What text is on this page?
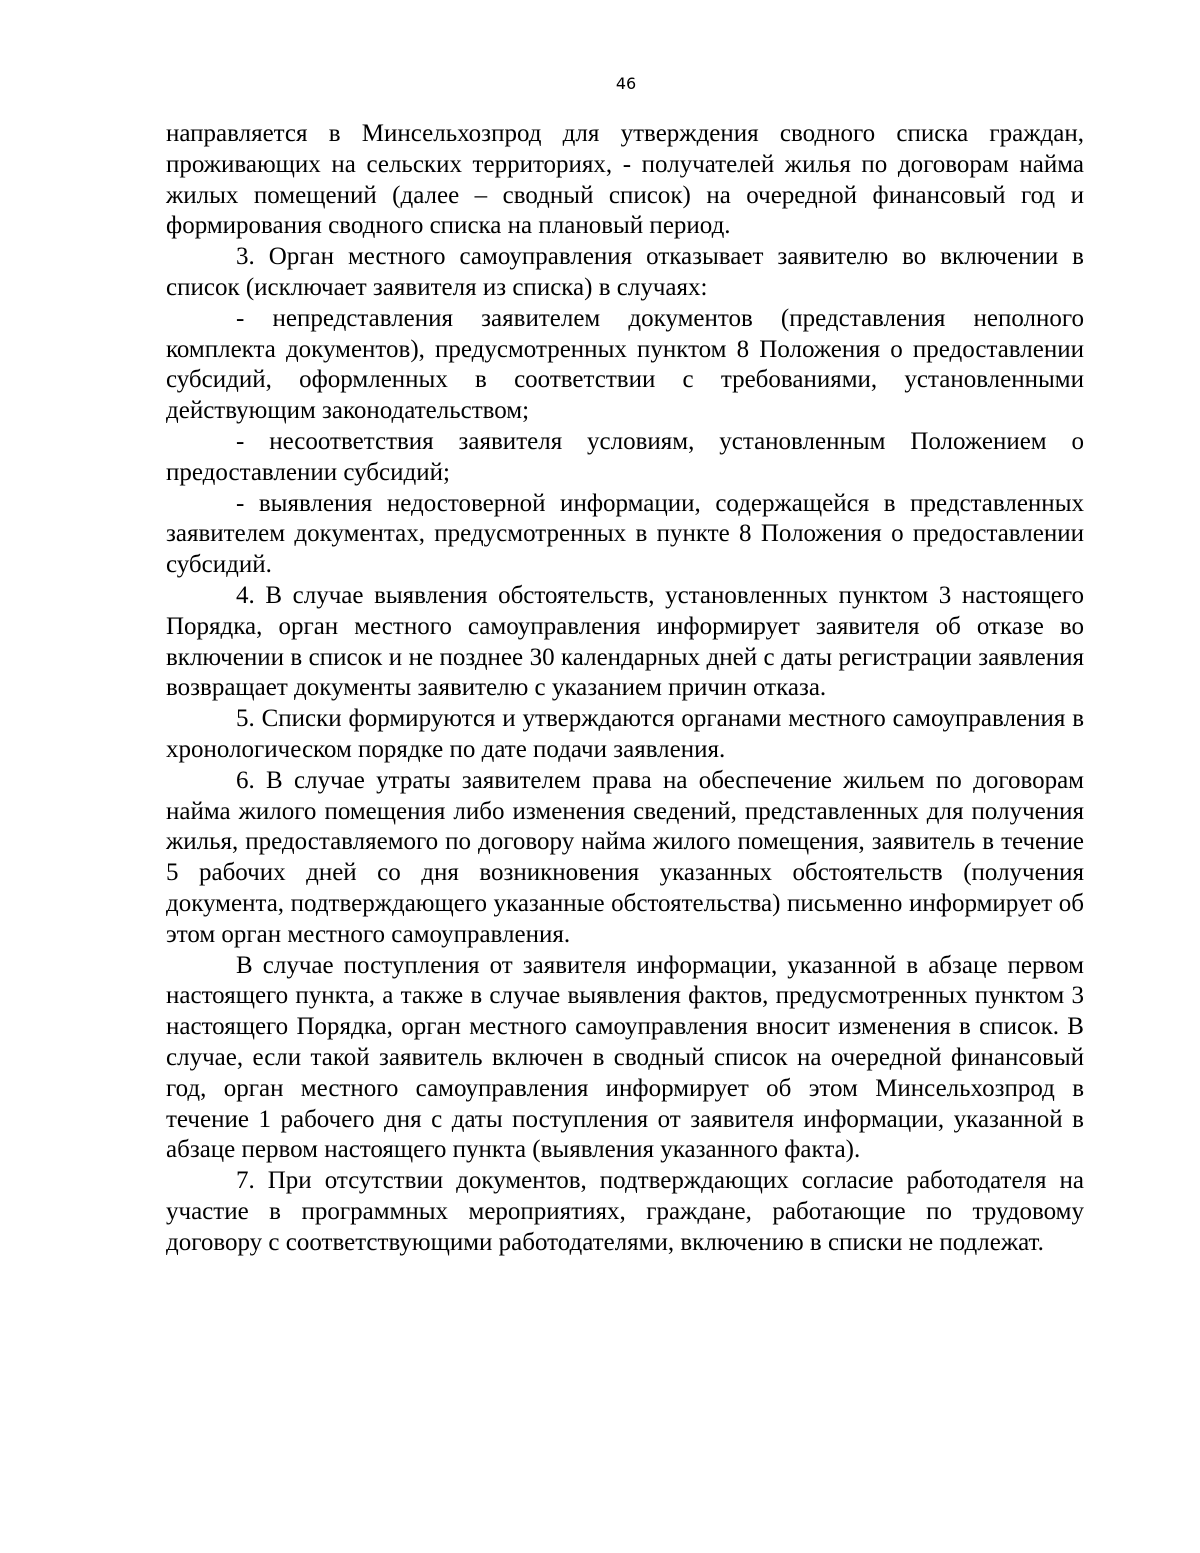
46

направляется в Минсельхозпрод для утверждения сводного списка граждан, проживающих на сельских территориях, - получателей жилья по договорам найма жилых помещений (далее – сводный список) на очередной финансовый год и формирования сводного списка на плановый период.

3. Орган местного самоуправления отказывает заявителю во включении в список (исключает заявителя из списка) в случаях:

- непредставления заявителем документов (представления неполного комплекта документов), предусмотренных пунктом 8 Положения о предоставлении субсидий, оформленных в соответствии с требованиями, установленными действующим законодательством;

- несоответствия заявителя условиям, установленным Положением о предоставлении субсидий;

- выявления недостоверной информации, содержащейся в представленных заявителем документах, предусмотренных в пункте 8 Положения о предоставлении субсидий.

4. В случае выявления обстоятельств, установленных пунктом 3 настоящего Порядка, орган местного самоуправления информирует заявителя об отказе во включении в список и не позднее 30 календарных дней с даты регистрации заявления возвращает документы заявителю с указанием причин отказа.

5. Списки формируются и утверждаются органами местного самоуправления в хронологическом порядке по дате подачи заявления.

6. В случае утраты заявителем права на обеспечение жильем по договорам найма жилого помещения либо изменения сведений, представленных для получения жилья, предоставляемого по договору найма жилого помещения, заявитель в течение 5 рабочих дней со дня возникновения указанных обстоятельств (получения документа, подтверждающего указанные обстоятельства) письменно информирует об этом орган местного самоуправления.

В случае поступления от заявителя информации, указанной в абзаце первом настоящего пункта, а также в случае выявления фактов, предусмотренных пунктом 3 настоящего Порядка, орган местного самоуправления вносит изменения в список. В случае, если такой заявитель включен в сводный список на очередной финансовый год, орган местного самоуправления информирует об этом Минсельхозпрод в течение 1 рабочего дня с даты поступления от заявителя информации, указанной в абзаце первом настоящего пункта (выявления указанного факта).

7. При отсутствии документов, подтверждающих согласие работодателя на участие в программных мероприятиях, граждане, работающие по трудовому договору с соответствующими работодателями, включению в списки не подлежат.
